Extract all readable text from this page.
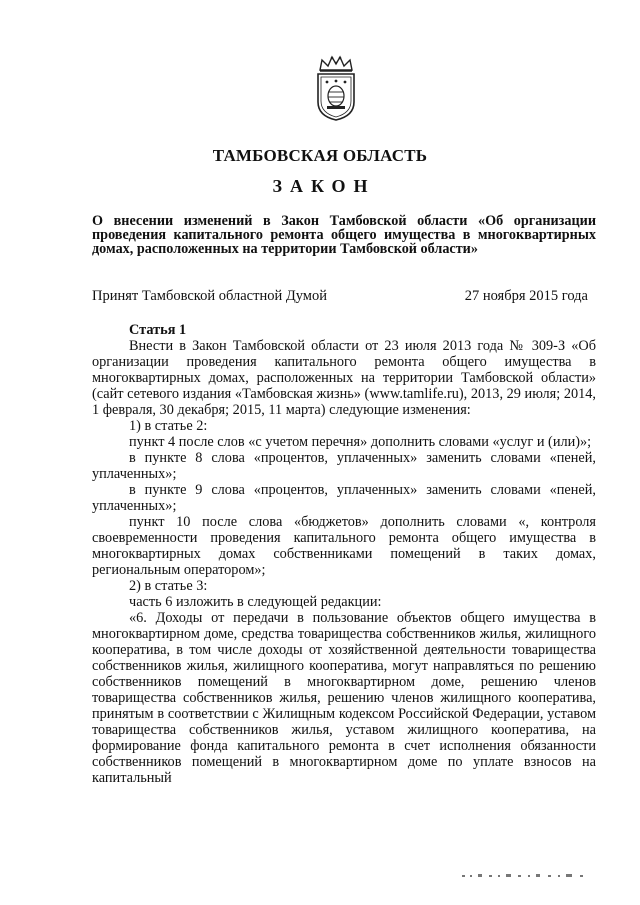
ТАМБОВСКАЯ ОБЛАСТЬ
ЗАКОН
О внесении изменений в Закон Тамбовской области «Об организации проведения капитального ремонта общего имущества в многоквартирных домах, расположенных на территории Тамбовской области»
Принят Тамбовской областной Думой	27 ноября 2015 года

Статья 1

Внести в Закон Тамбовской области от 23 июля 2013 года № 309-З «Об организации проведения капитального ремонта общего имущества в многоквартирных домах, расположенных на территории Тамбовской области» (сайт сетевого издания «Тамбовская жизнь» (www.tamlife.ru), 2013, 29 июля; 2014, 1 февраля, 30 декабря; 2015, 11 марта) следующие изменения:

1) в статье 2:

пункт 4 после слов «с учетом перечня» дополнить словами «услуг и (или)»;

в пункте 8 слова «процентов, уплаченных» заменить словами «пеней, уплаченных»;

в пункте 9 слова «процентов, уплаченных» заменить словами «пеней, уплаченных»;

пункт 10 после слова «бюджетов» дополнить словами «, контроля своевременности проведения капитального ремонта общего имущества в многоквартирных домах собственниками помещений в таких домах, региональным оператором»;

2) в статье 3:

часть 6 изложить в следующей редакции:

«6. Доходы от передачи в пользование объектов общего имущества в многоквартирном доме, средства товарищества собственников жилья, жилищного кооператива, в том числе доходы от хозяйственной деятельности товарищества собственников жилья, жилищного кооператива, могут направляться по решению собственников помещений в многоквартирном доме, решению членов товарищества собственников жилья, решению членов жилищного кооператива, принятым в соответствии с Жилищным кодексом Российской Федерации, уставом товарищества собственников жилья, уставом жилищного кооператива, на формирование фонда капитального ремонта в счет исполнения обязанности собственников помещений в многоквартирном доме по уплате взносов на капитальный
